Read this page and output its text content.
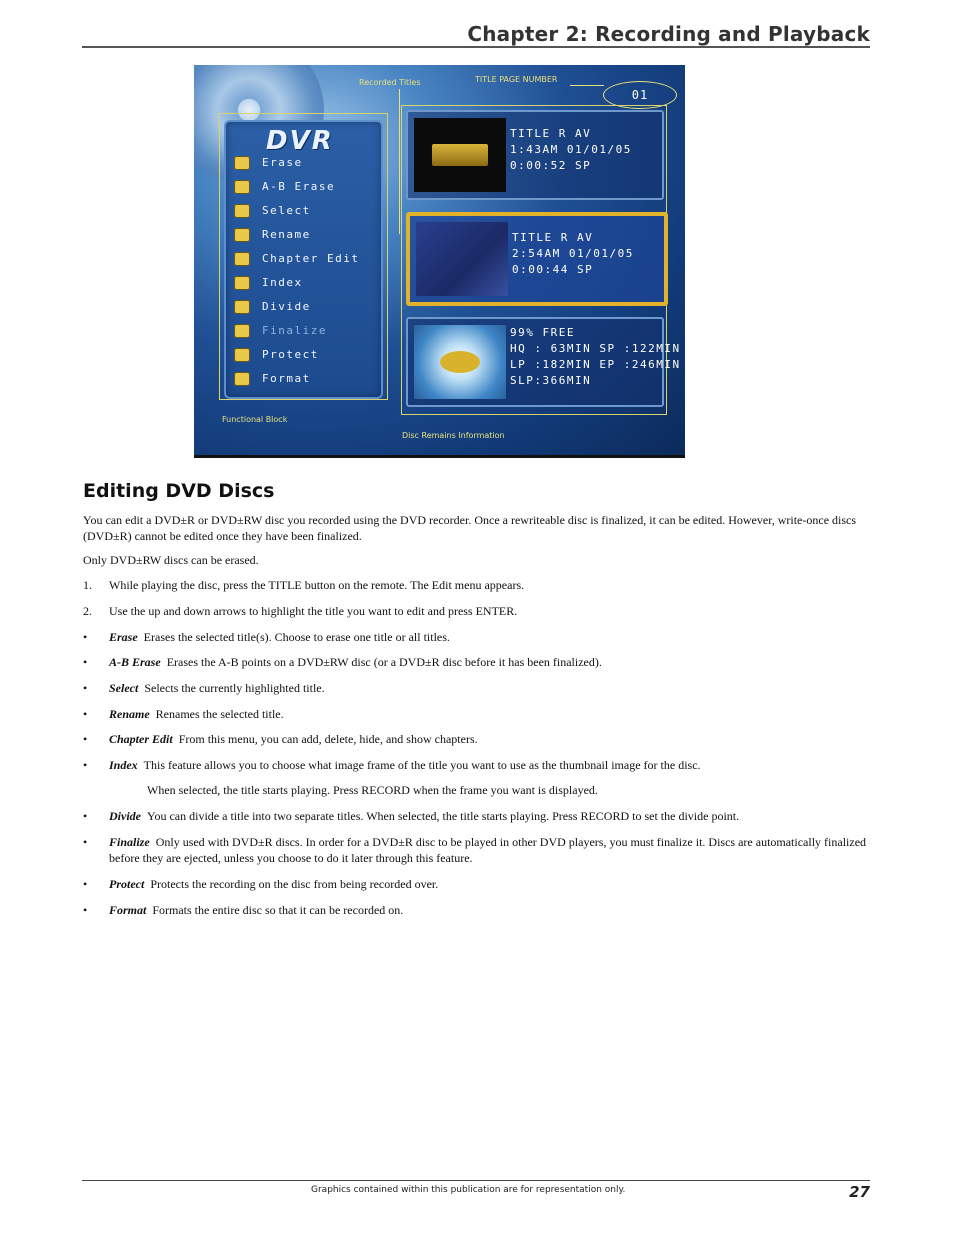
Chapter 2: Recording and Playback
Recorded Titles	TITLE PAGE NUMBER
01
DVR
Erase
A-B Erase
Select
Rename
Chapter Edit
Index
Divide
Finalize
Protect
Format
TITLE R AV
1:43AM 01/01/05
0:00:52 SP
TITLE R AV
2:54AM 01/01/05
0:00:44 SP
99% FREE
HQ : 63MIN SP :122MIN
LP :182MIN EP :246MIN
SLP:366MIN
Functional Block
Disc Remains Information
Editing DVD Discs
You can edit a DVD±R or DVD±RW disc you recorded using the DVD recorder. Once a rewriteable disc is finalized, it can be edited. However, write-once discs (DVD±R) cannot be edited once they have been finalized.
Only DVD±RW discs can be erased.
1. While playing the disc, press the TITLE button on the remote. The Edit menu appears.
2. Use the up and down arrows to highlight the title you want to edit and press ENTER.
• Erase Erases the selected title(s). Choose to erase one title or all titles.
• A-B Erase Erases the A-B points on a DVD±RW disc (or a DVD±R disc before it has been finalized).
• Select Selects the currently highlighted title.
• Rename Renames the selected title.
• Chapter Edit From this menu, you can add, delete, hide, and show chapters.
• Index This feature allows you to choose what image frame of the title you want to use as the thumbnail image for the disc.
When selected, the title starts playing. Press RECORD when the frame you want is displayed.
• Divide You can divide a title into two separate titles. When selected, the title starts playing. Press RECORD to set the divide point.
• Finalize Only used with DVD±R discs. In order for a DVD±R disc to be played in other DVD players, you must finalize it. Discs are automatically finalized before they are ejected, unless you choose to do it later through this feature.
• Protect Protects the recording on the disc from being recorded over.
• Format Formats the entire disc so that it can be recorded on.
Graphics contained within this publication are for representation only.	27
